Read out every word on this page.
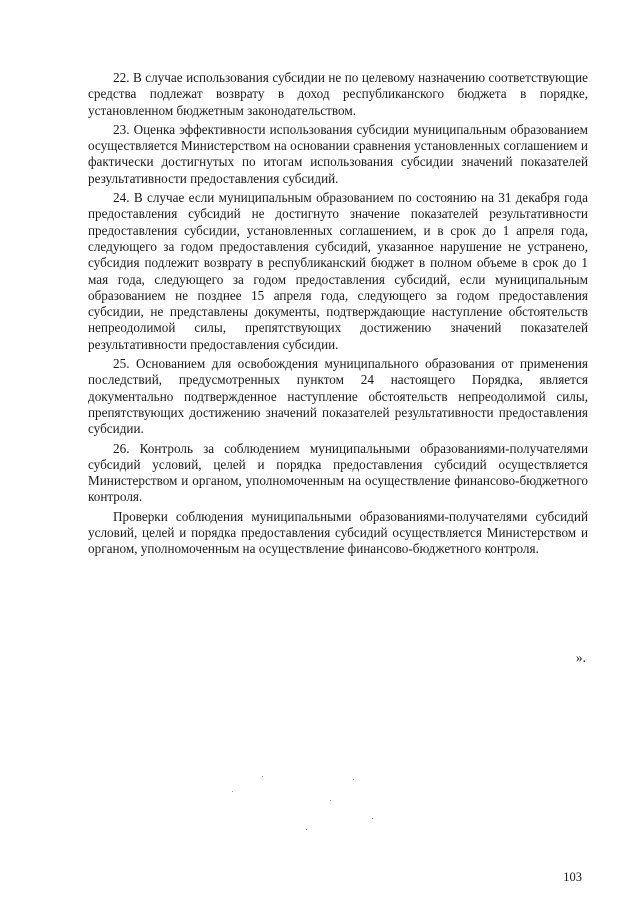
22. В случае использования субсидии не по целевому назначению соответствующие средства подлежат возврату в доход республиканского бюджета в порядке, установленном бюджетным законодательством.

23. Оценка эффективности использования субсидии муниципальным образованием осуществляется Министерством на основании сравнения установленных соглашением и фактически достигнутых по итогам использования субсидии значений показателей результативности предоставления субсидий.

24. В случае если муниципальным образованием по состоянию на 31 декабря года предоставления субсидий не достигнуто значение показателей результативности предоставления субсидии, установленных соглашением, и в срок до 1 апреля года, следующего за годом предоставления субсидий, указанное нарушение не устранено, субсидия подлежит возврату в республиканский бюджет в полном объеме в срок до 1 мая года, следующего за годом предоставления субсидий, если муниципальным образованием не позднее 15 апреля года, следующего за годом предоставления субсидии, не представлены документы, подтверждающие наступление обстоятельств непреодолимой силы, препятствующих достижению значений показателей результативности предоставления субсидии.

25. Основанием для освобождения муниципального образования от применения последствий, предусмотренных пунктом 24 настоящего Порядка, является документально подтвержденное наступление обстоятельств непреодолимой силы, препятствующих достижению значений показателей результативности предоставления субсидии.

26. Контроль за соблюдением муниципальными образованиями-получателями субсидий условий, целей и порядка предоставления субсидий осуществляется Министерством и органом, уполномоченным на осуществление финансово-бюджетного контроля.

Проверки соблюдения муниципальными образованиями-получателями субсидий условий, целей и порядка предоставления субсидий осуществляется Министерством и органом, уполномоченным на осуществление финансово-бюджетного контроля.

».
103
